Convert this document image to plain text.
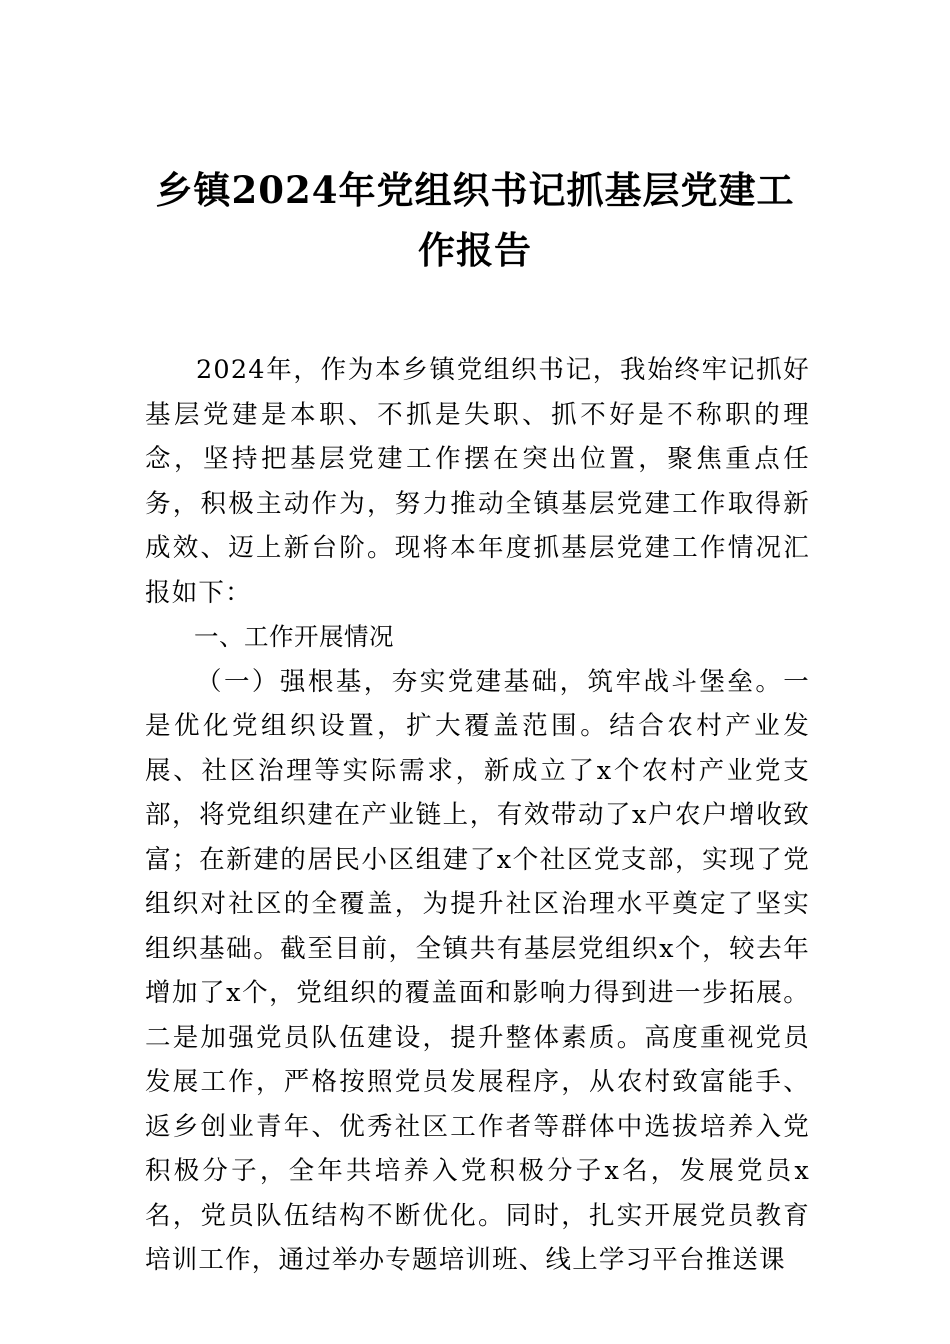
乡镇2024年党组织书记抓基层党建工作报告

2024年，作为本乡镇党组织书记，我始终牢记抓好基层党建是本职、不抓是失职、抓不好是不称职的理念，坚持把基层党建工作摆在突出位置，聚焦重点任务，积极主动作为，努力推动全镇基层党建工作取得新成效、迈上新台阶。现将本年度抓基层党建工作情况汇报如下：

一、工作开展情况

（一）强根基，夯实党建基础，筑牢战斗堡垒。一是优化党组织设置，扩大覆盖范围。结合农村产业发展、社区治理等实际需求，新成立了x个农村产业党支部，将党组织建在产业链上，有效带动了x户农户增收致富；在新建的居民小区组建了x个社区党支部，实现了党组织对社区的全覆盖，为提升社区治理水平奠定了坚实组织基础。截至目前，全镇共有基层党组织x个，较去年增加了x个，党组织的覆盖面和影响力得到进一步拓展。二是加强党员队伍建设，提升整体素质。高度重视党员发展工作，严格按照党员发展程序，从农村致富能手、返乡创业青年、优秀社区工作者等群体中选拔培养入党积极分子，全年共培养入党积极分子x名，发展党员x名，党员队伍结构不断优化。同时，扎实开展党员教育培训工作，通过举办专题培训班、线上学习平台推送课
